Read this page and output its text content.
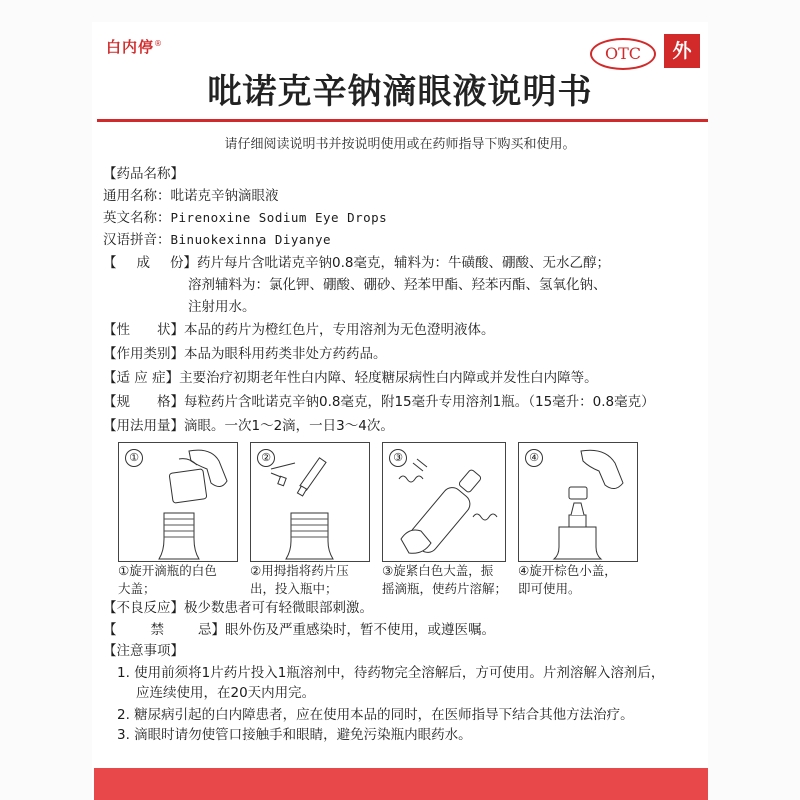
白内停®
OTC	外
吡诺克辛钠滴眼液说明书
请仔细阅读说明书并按说明使用或在药师指导下购买和使用。
【药品名称】
通用名称：吡诺克辛钠滴眼液
英文名称：Pirenoxine Sodium Eye Drops
汉语拼音：Binuokexinna Diyanye
【成份】药片每片含吡诺克辛钠0.8毫克，辅料为：牛磺酸、硼酸、无水乙醇；
溶剂辅料为：氯化钾、硼酸、硼砂、羟苯甲酯、羟苯丙酯、氢氧化钠、
注射用水。
【性　　状】本品的药片为橙红色片，专用溶剂为无色澄明液体。
【作用类别】本品为眼科用药类非处方药药品。
【适 应 症】主要治疗初期老年性白内障、轻度糖尿病性白内障或并发性白内障等。
【规　　格】每粒药片含吡诺克辛钠0.8毫克，附15毫升专用溶剂1瓶。（15毫升：0.8毫克）
【用法用量】滴眼。一次1～2滴，一日3～4次。
①	②	③	④
①旋开滴瓶的白色
大盖；
②用拇指将药片压
出，投入瓶中；
③旋紧白色大盖，振
摇滴瓶，使药片溶解；
④旋开棕色小盖，
即可使用。
【不良反应】极少数患者可有轻微眼部刺激。
【禁忌】眼外伤及严重感染时，暂不使用，或遵医嘱。
【注意事项】
1. 使用前须将1片药片投入1瓶溶剂中，待药物完全溶解后，方可使用。片剂溶解入溶剂后，
应连续使用，在20天内用完。
2. 糖尿病引起的白内障患者，应在使用本品的同时，在医师指导下结合其他方法治疗。
3. 滴眼时请勿使管口接触手和眼睛，避免污染瓶内眼药水。
